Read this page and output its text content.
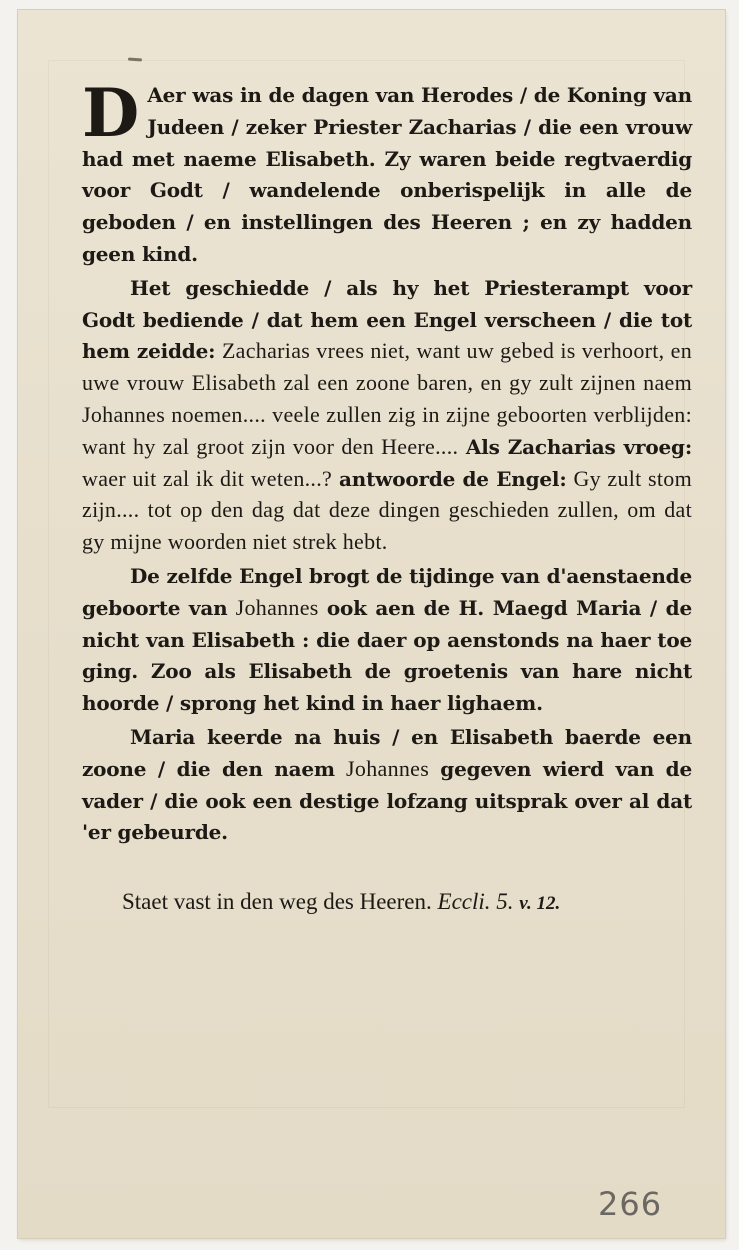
D Aer was in de dagen van Herodes / de Koning van Judeen / zeker Priester Zacharias / die een vrouw had met naeme Elisabeth. Zy waren beide regtvaerdig voor Godt / wandelende onberispelijk in alle de geboden / en instellingen des Heeren ; en zy hadden geen kind.

Het geschiedde / als hy het Priesterampt voor Godt bediende / dat hem een Engel verscheen / die tot hem zeidde: Zacharias vrees niet, want uw gebed is verhoort, en uwe vrouw Elisabeth zal een zoone baren, en gy zult zijnen naem Johannes noemen.... veele zullen zig in zijne geboorten verblijden: want hy zal groot zijn voor den Heere.... Als Zacharias vroeg: waer uit zal ik dit weten...? antwoorde de Engel: Gy zult stom zijn.... tot op den dag dat deze dingen geschieden zullen, om dat gy mijne woorden niet strek hebt.

De zelfde Engel brogt de tijdinge van d'aenstaende geboorte van Johannes ook aen de H. Maegd Maria / de nicht van Elisabeth : die daer op aenstonds na haer toe ging. Zoo als Elisabeth de groetenis van hare nicht hoorde / sprong het kind in haer lighaem.

Maria keerde na huis / en Elisabeth baerde een zoone / die den naem Johannes gegeven wierd van de vader / die ook een destige lofzang uitsprak over al dat 'er gebeurde.

Staet vast in den weg des Heeren. Eccli. 5. v. 12.

266
